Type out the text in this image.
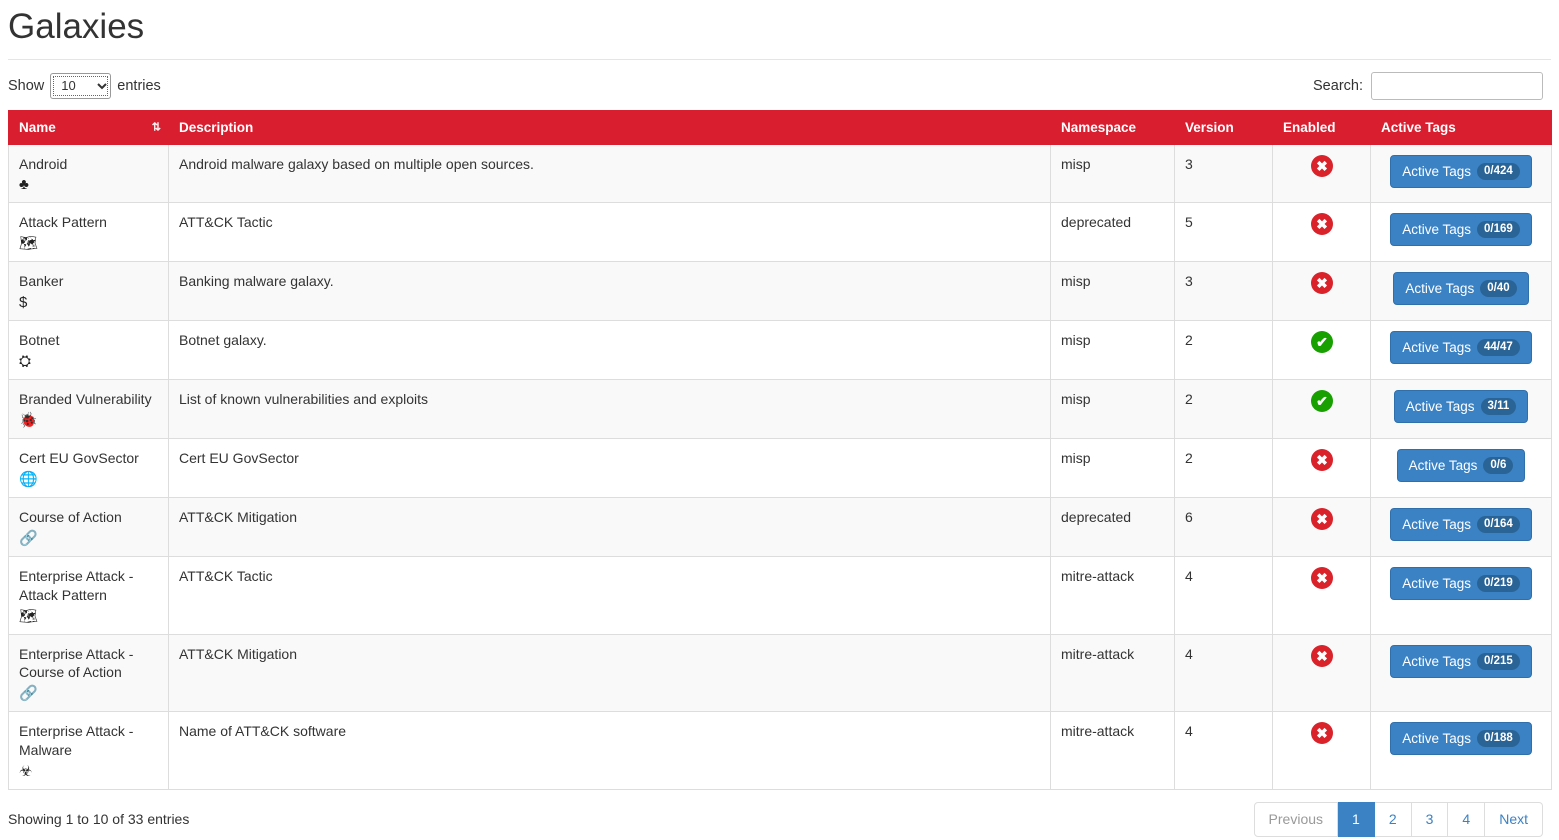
Galaxies
Show
10	entries	Search:
Name ⇅	Description	Namespace	Version	Enabled	Active Tags

Android
♣	Android malware galaxy based on multiple open sources.	misp	3	✖	Active Tags 0/424

Attack Pattern
🗺	ATT&CK Tactic	deprecated	5	✖	Active Tags 0/169

Banker
$	Banking malware galaxy.	misp	3	✖	Active Tags 0/40

Botnet
⛭	Botnet galaxy.	misp	2	✔	Active Tags 44/47

Branded Vulnerability
🐞	List of known vulnerabilities and exploits	misp	2	✔	Active Tags 3/11

Cert EU GovSector
🌐	Cert EU GovSector	misp	2	✖	Active Tags 0/6

Course of Action
🔗	ATT&CK Mitigation	deprecated	6	✖	Active Tags 0/164

Enterprise Attack - Attack Pattern
🗺	ATT&CK Tactic	mitre-attack	4	✖	Active Tags 0/219

Enterprise Attack - Course of Action
🔗	ATT&CK Mitigation	mitre-attack	4	✖	Active Tags 0/215

Enterprise Attack - Malware
☣	Name of ATT&CK software	mitre-attack	4	✖	Active Tags 0/188
Showing 1 to 10 of 33 entries	Previous	1	2	3	4	Next
